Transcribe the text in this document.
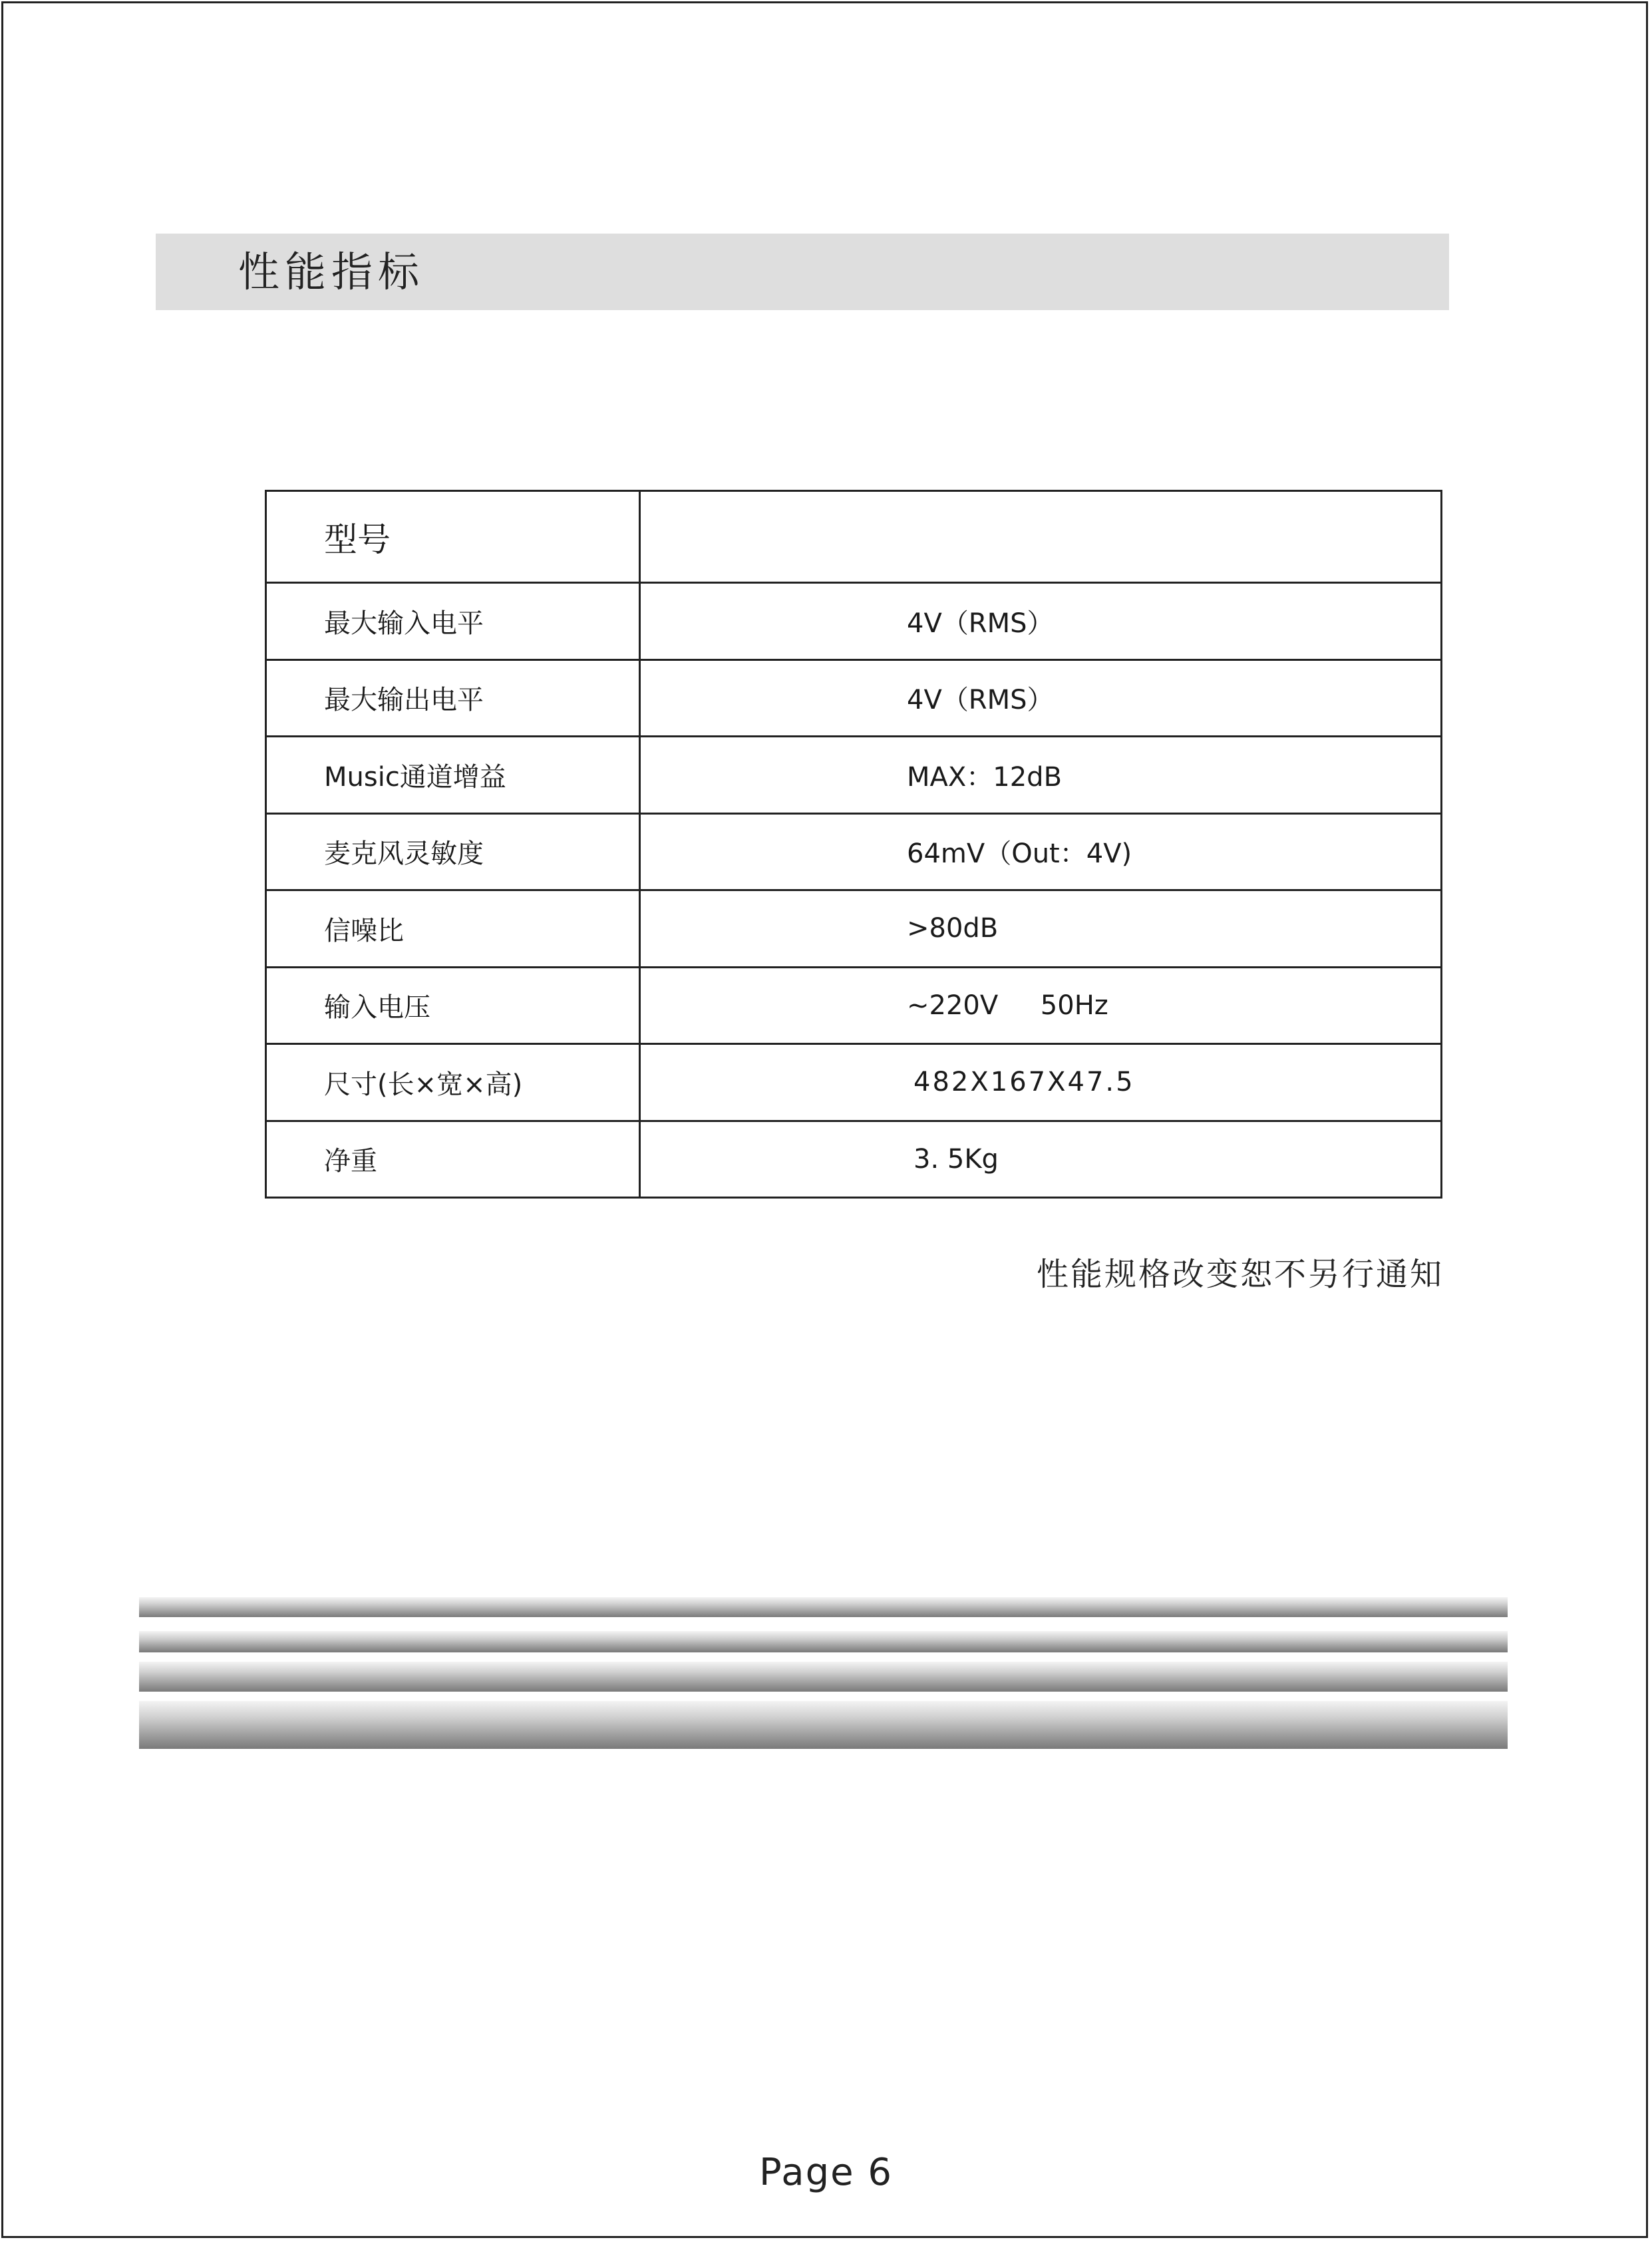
性能指标
型号	
最大输入电平	4V（RMS）
最大输出电平	4V（RMS）
Music通道增益	MAX：12dB
麦克风灵敏度	64mV（Out：4V)
信噪比	>80dB
输入电压	~220V     50Hz
尺寸(长×宽×高)	482X167X47.5
净重	3. 5Kg
性能规格改变恕不另行通知
Page 6
